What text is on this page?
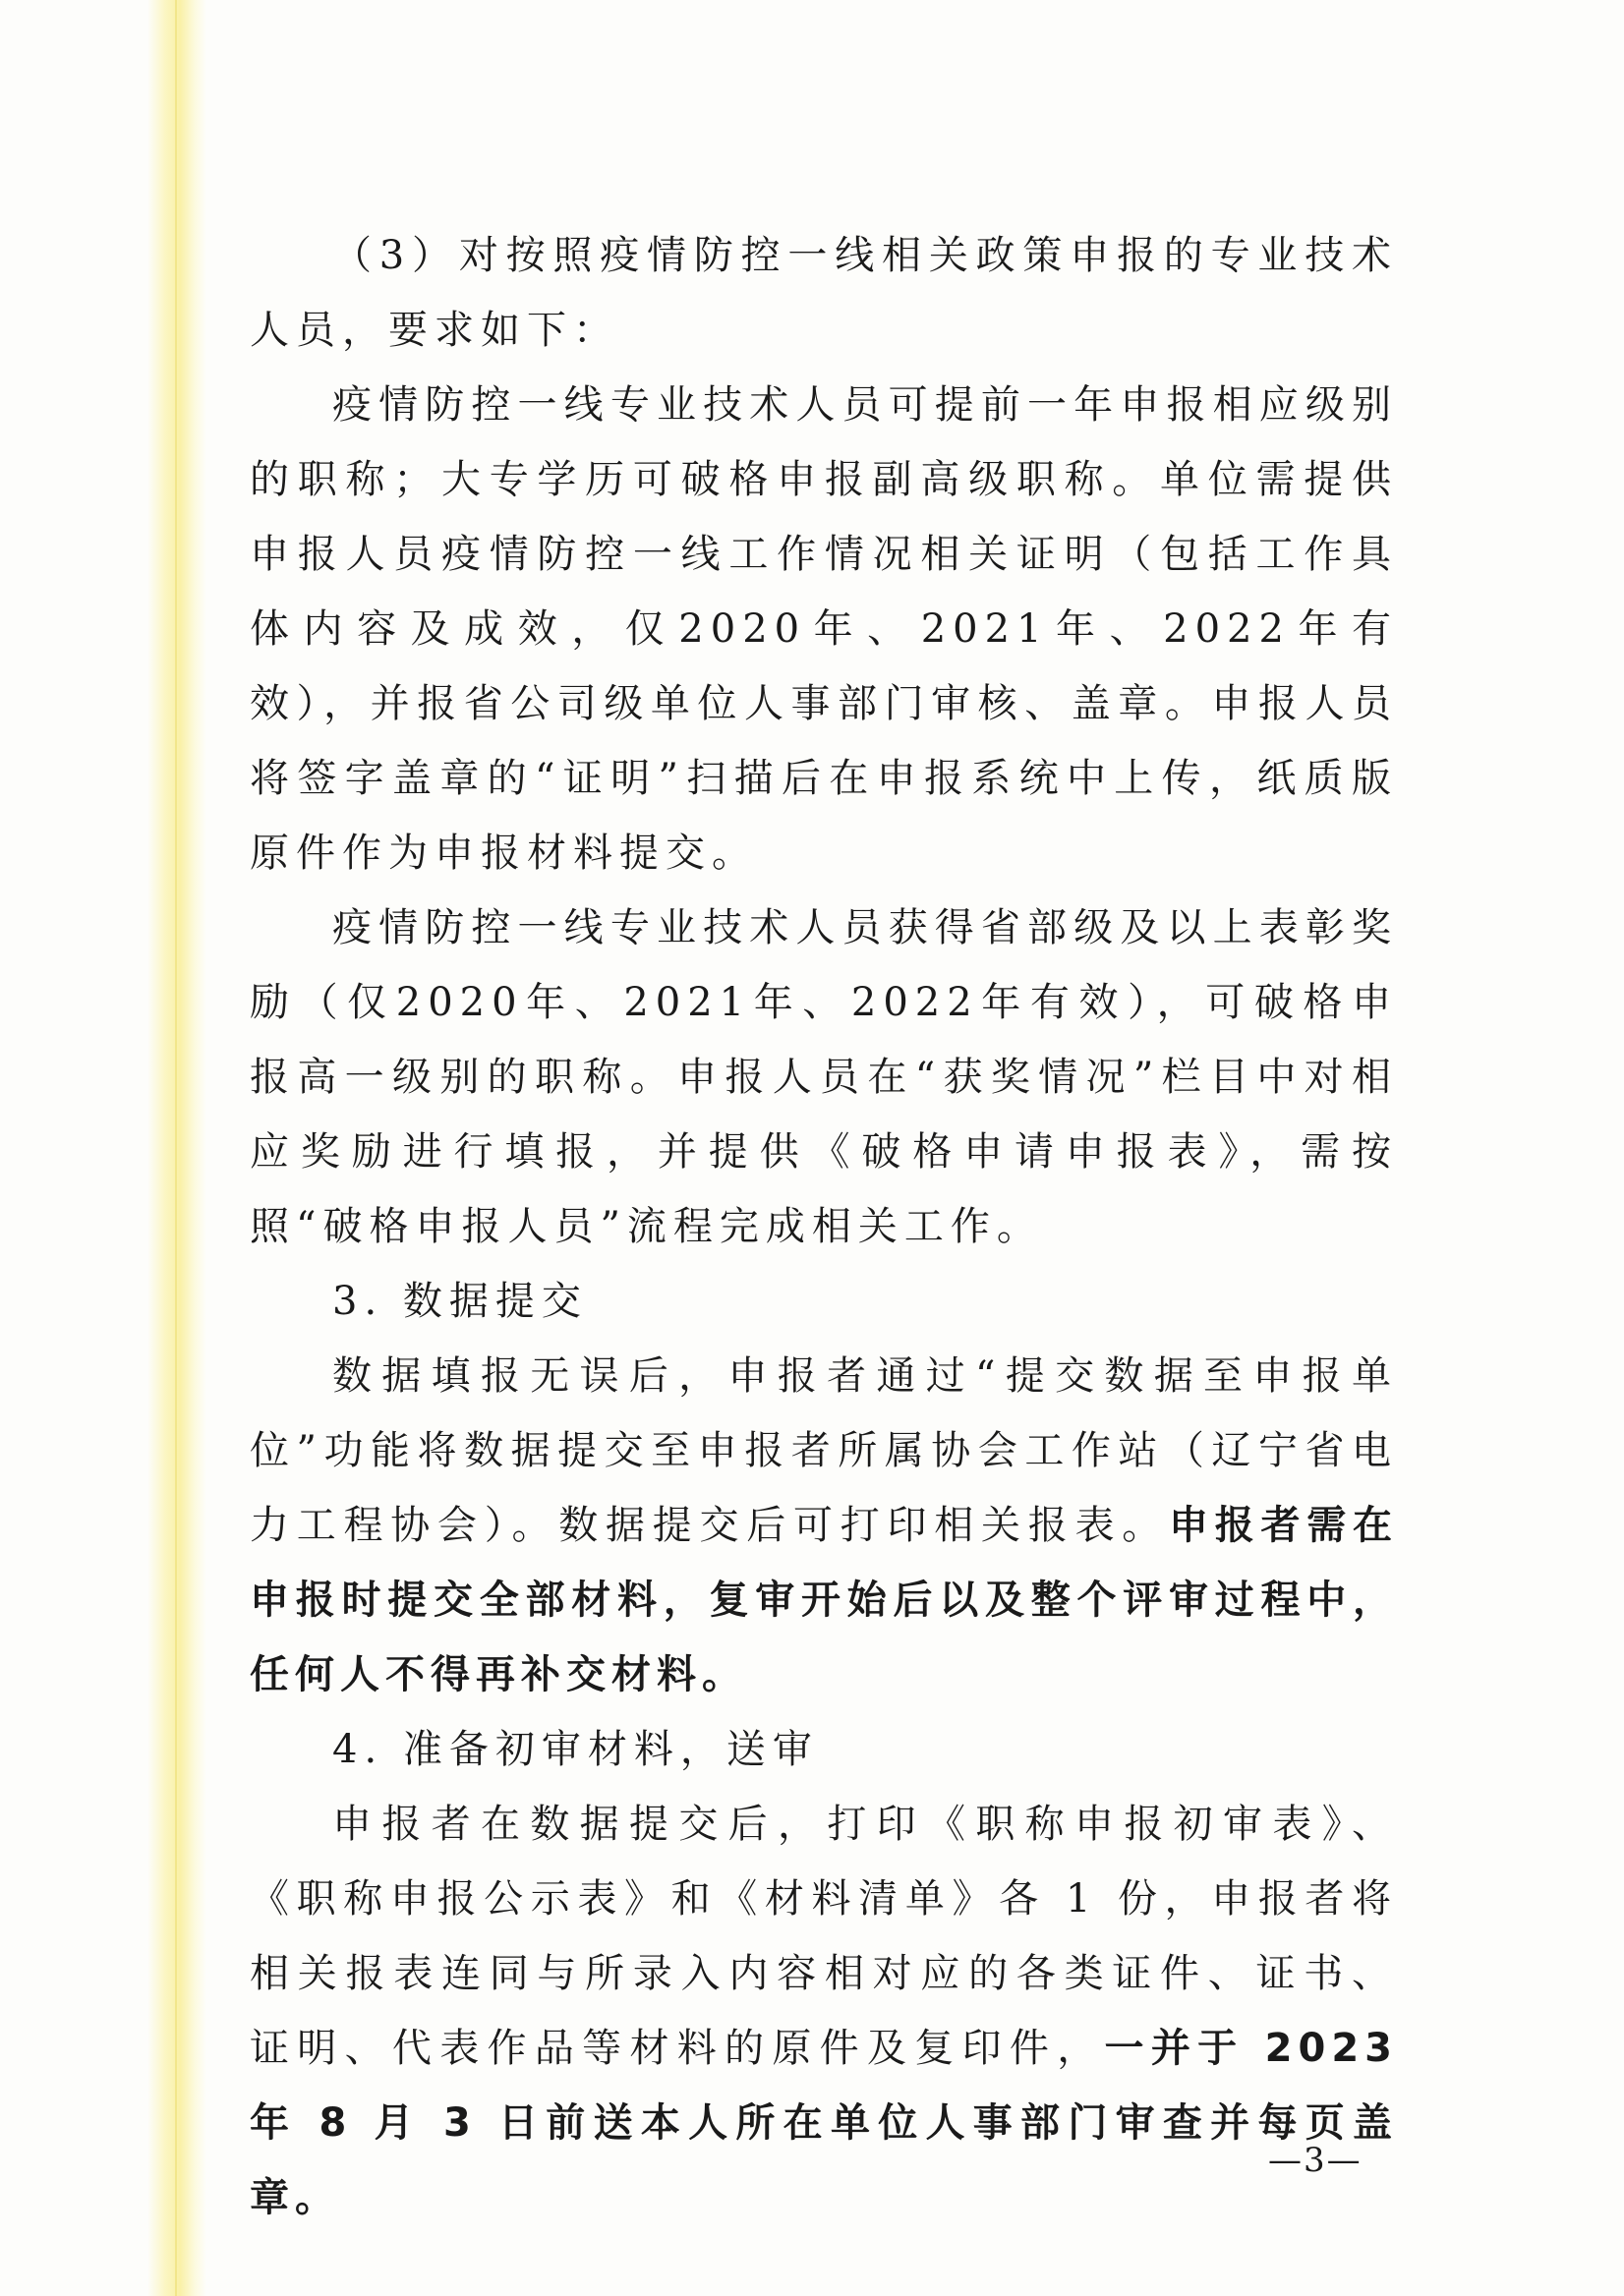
（3）对按照疫情防控一线相关政策申报的专业技术人员，要求如下：

疫情防控一线专业技术人员可提前一年申报相应级别的职称；大专学历可破格申报副高级职称。单位需提供申报人员疫情防控一线工作情况相关证明（包括工作具体内容及成效，仅2020年、2021年、2022年有效），并报省公司级单位人事部门审核、盖章。申报人员将签字盖章的“证明”扫描后在申报系统中上传，纸质版原件作为申报材料提交。

疫情防控一线专业技术人员获得省部级及以上表彰奖励（仅2020年、2021年、2022年有效），可破格申报高一级别的职称。申报人员在“获奖情况”栏目中对相应奖励进行填报，并提供《破格申请申报表》，需按照“破格申报人员”流程完成相关工作。

3. 数据提交

数据填报无误后，申报者通过“提交数据至申报单位”功能将数据提交至申报者所属协会工作站（辽宁省电力工程协会）。数据提交后可打印相关报表。申报者需在申报时提交全部材料，复审开始后以及整个评审过程中，任何人不得再补交材料。

4. 准备初审材料，送审

申报者在数据提交后，打印《职称申报初审表》、《职称申报公示表》和《材料清单》各 1 份，申报者将相关报表连同与所录入内容相对应的各类证件、证书、证明、代表作品等材料的原件及复印件，一并于 2023 年 8 月 3 日前送本人所在单位人事部门审查并每页盖章。

—3—
